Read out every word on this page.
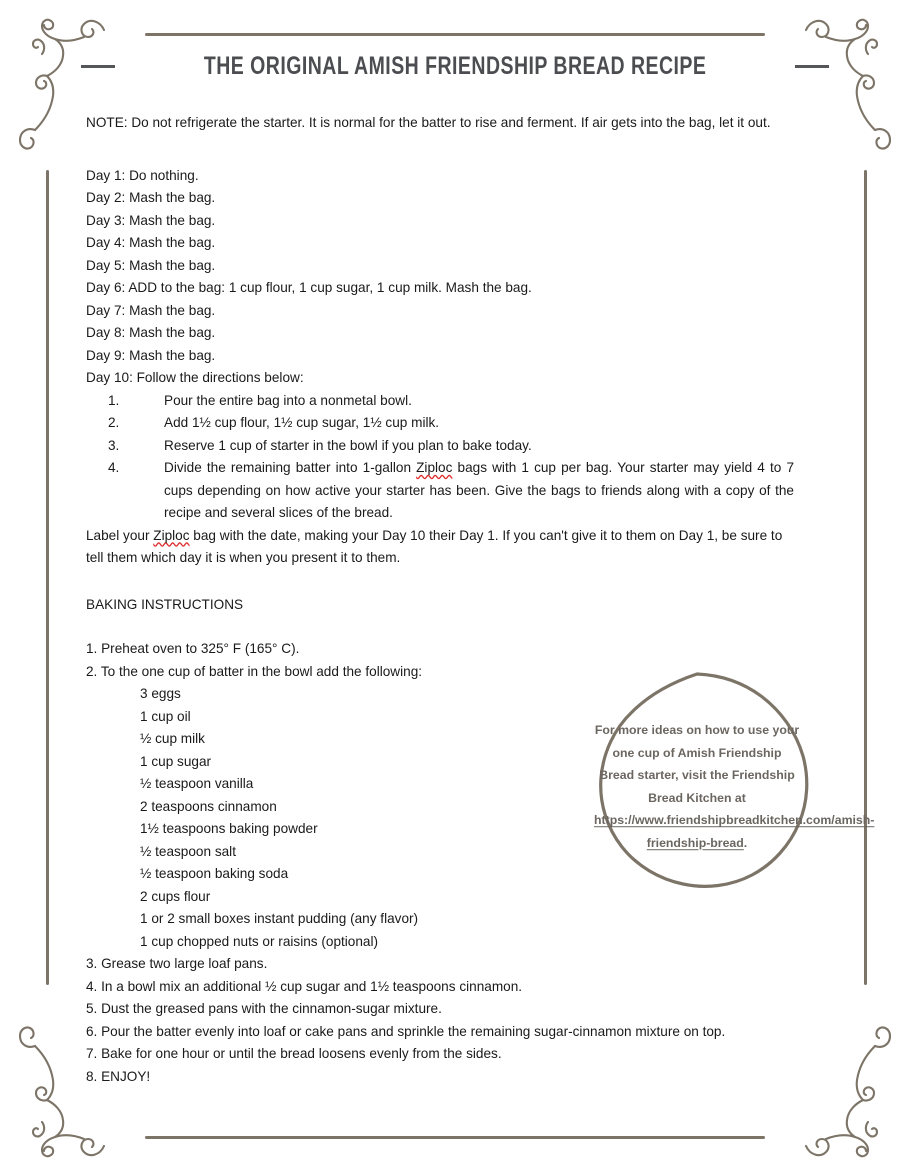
THE ORIGINAL AMISH FRIENDSHIP BREAD RECIPE

NOTE: Do not refrigerate the starter. It is normal for the batter to rise and ferment. If air gets into the bag, let it out.

Day 1: Do nothing.

Day 2: Mash the bag.

Day 3: Mash the bag.

Day 4: Mash the bag.

Day 5: Mash the bag.

Day 6: ADD to the bag: 1 cup flour, 1 cup sugar, 1 cup milk. Mash the bag.

Day 7: Mash the bag.

Day 8: Mash the bag.

Day 9: Mash the bag.

Day 10: Follow the directions below:

1.	Pour the entire bag into a nonmetal bowl.
2.	Add 1½ cup flour, 1½ cup sugar, 1½ cup milk.
3.	Reserve 1 cup of starter in the bowl if you plan to bake today.
4.	Divide the remaining batter into 1-gallon Ziploc bags with 1 cup per bag. Your starter may yield 4 to 7 cups depending on how active your starter has been. Give the bags to friends along with a copy of the recipe and several slices of the bread.

Label your Ziploc bag with the date, making your Day 10 their Day 1. If you can't give it to them on Day 1, be sure to tell them which day it is when you present it to them.

BAKING INSTRUCTIONS

1. Preheat oven to 325° F (165° C).

2. To the one cup of batter in the bowl add the following:

3 eggs
1 cup oil
½ cup milk
1 cup sugar
½ teaspoon vanilla
2 teaspoons cinnamon
1½ teaspoons baking powder
½ teaspoon salt
½ teaspoon baking soda
2 cups flour
1 or 2 small boxes instant pudding (any flavor)
1 cup chopped nuts or raisins (optional)

3. Grease two large loaf pans.

4. In a bowl mix an additional ½ cup sugar and 1½ teaspoons cinnamon.

5. Dust the greased pans with the cinnamon-sugar mixture.

6. Pour the batter evenly into loaf or cake pans and sprinkle the remaining sugar-cinnamon mixture on top.

7. Bake for one hour or until the bread loosens evenly from the sides.

8. ENJOY!

For more ideas on how to use your one cup of Amish Friendship Bread starter, visit the Friendship Bread Kitchen at https://www.friendshipbreadkitchen.com/amish-friendship-bread.
